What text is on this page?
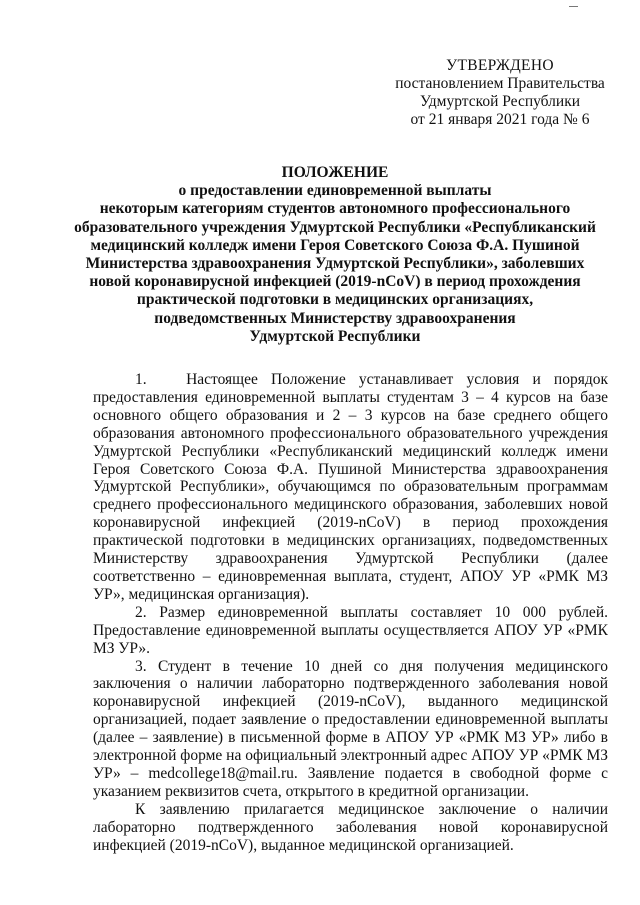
УТВЕРЖДЕНО
постановлением Правительства
Удмуртской Республики
от 21 января 2021 года № 6
ПОЛОЖЕНИЕ
о предоставлении единовременной выплаты
некоторым категориям студентов автономного профессионального
образовательного учреждения Удмуртской Республики «Республиканский
медицинский колледж имени Героя Советского Союза Ф.А. Пушиной
Министерства здравоохранения Удмуртской Республики», заболевших
новой коронавирусной инфекцией (2019-nCoV) в период прохождения
практической подготовки в медицинских организациях,
подведомственных Министерству здравоохранения
Удмуртской Республики

1.   Настоящее Положение устанавливает условия и порядок предоставления единовременной выплаты студентам 3 – 4 курсов на базе основного общего образования и 2 – 3 курсов на базе среднего общего образования автономного профессионального образовательного учреждения Удмуртской Республики «Республиканский медицинский колледж имени Героя Советского Союза Ф.А. Пушиной Министерства здравоохранения Удмуртской Республики», обучающимся по образовательным программам среднего профессионального медицинского образования, заболевших новой коронавирусной инфекцией (2019-nCoV) в период прохождения практической подготовки в медицинских организациях, подведомственных Министерству здравоохранения Удмуртской Республики (далее соответственно – единовременная выплата, студент, АПОУ УР «РМК МЗ УР», медицинская организация).

2. Размер единовременной выплаты составляет 10 000 рублей. Предоставление единовременной выплаты осуществляется АПОУ УР «РМК МЗ УР».

3. Студент в течение 10 дней со дня получения медицинского заключения о наличии лабораторно подтвержденного заболевания новой коронавирусной инфекцией (2019-nCoV), выданного медицинской организацией, подает заявление о предоставлении единовременной выплаты (далее – заявление) в письменной форме в АПОУ УР «РМК МЗ УР» либо в электронной форме на официальный электронный адрес АПОУ УР «РМК МЗ УР» – medcollege18@mail.ru. Заявление подается в свободной форме с указанием реквизитов счета, открытого в кредитной организации.

К заявлению прилагается медицинское заключение о наличии лабораторно подтвержденного заболевания новой коронавирусной инфекцией (2019-nCoV), выданное медицинской организацией.
